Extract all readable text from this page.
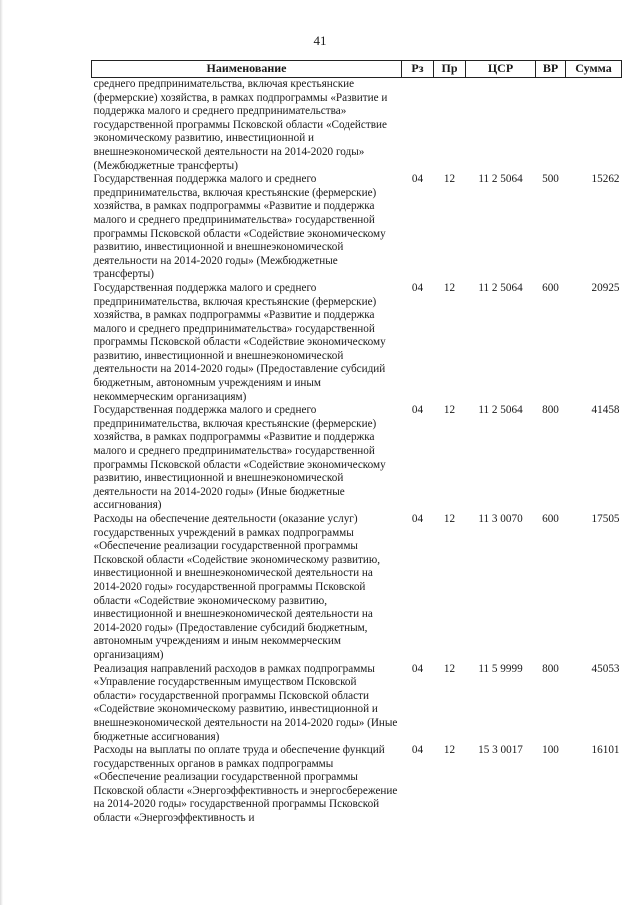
41
Наименование	Рз	Пр	ЦСР	ВР	Сумма
среднего предпринимательства, включая крестьянские (фермерские) хозяйства, в рамках подпрограммы «Развитие и поддержка малого и среднего предпринимательства» государственной программы Псковской области «Содействие экономическому развитию, инвестиционной и внешнеэкономической деятельности на 2014-2020 годы» (Межбюджетные трансферты)					
Государственная поддержка малого и среднего предпринимательства, включая крестьянские (фермерские) хозяйства, в рамках подпрограммы «Развитие и поддержка малого и среднего предпринимательства» государственной программы Псковской области «Содействие экономическому развитию, инвестиционной и внешнеэкономической деятельности на 2014-2020 годы» (Межбюджетные трансферты)	04	12	11 2 5064	500	15262
Государственная поддержка малого и среднего предпринимательства, включая крестьянские (фермерские) хозяйства, в рамках подпрограммы «Развитие и поддержка малого и среднего предпринимательства» государственной программы Псковской области «Содействие экономическому развитию, инвестиционной и внешнеэкономической деятельности на 2014-2020 годы» (Предоставление субсидий бюджетным, автономным учреждениям и иным некоммерческим организациям)	04	12	11 2 5064	600	20925
Государственная поддержка малого и среднего предпринимательства, включая крестьянские (фермерские) хозяйства, в рамках подпрограммы «Развитие и поддержка малого и среднего предпринимательства» государственной программы Псковской области «Содействие экономическому развитию, инвестиционной и внешнеэкономической деятельности на 2014-2020 годы» (Иные бюджетные ассигнования)	04	12	11 2 5064	800	41458
Расходы на обеспечение деятельности (оказание услуг) государственных учреждений в рамках подпрограммы «Обеспечение реализации государственной программы Псковской области «Содействие экономическому развитию, инвестиционной и внешнеэкономической деятельности на 2014-2020 годы» государственной программы Псковской области «Содействие экономическому развитию, инвестиционной и внешнеэкономической деятельности на 2014-2020 годы» (Предоставление субсидий бюджетным, автономным учреждениям и иным некоммерческим организациям)	04	12	11 3 0070	600	17505
Реализация направлений расходов в рамках подпрограммы «Управление государственным имуществом Псковской области» государственной программы Псковской области «Содействие экономическому развитию, инвестиционной и внешнеэкономической деятельности на 2014-2020 годы» (Иные бюджетные ассигнования)	04	12	11 5 9999	800	45053
Расходы на выплаты по оплате труда и обеспечение функций государственных органов в рамках подпрограммы «Обеспечение реализации государственной программы Псковской области «Энергоэффективность и энергосбережение на 2014-2020 годы» государственной программы Псковской области «Энергоэффективность и	04	12	15 3 0017	100	16101
